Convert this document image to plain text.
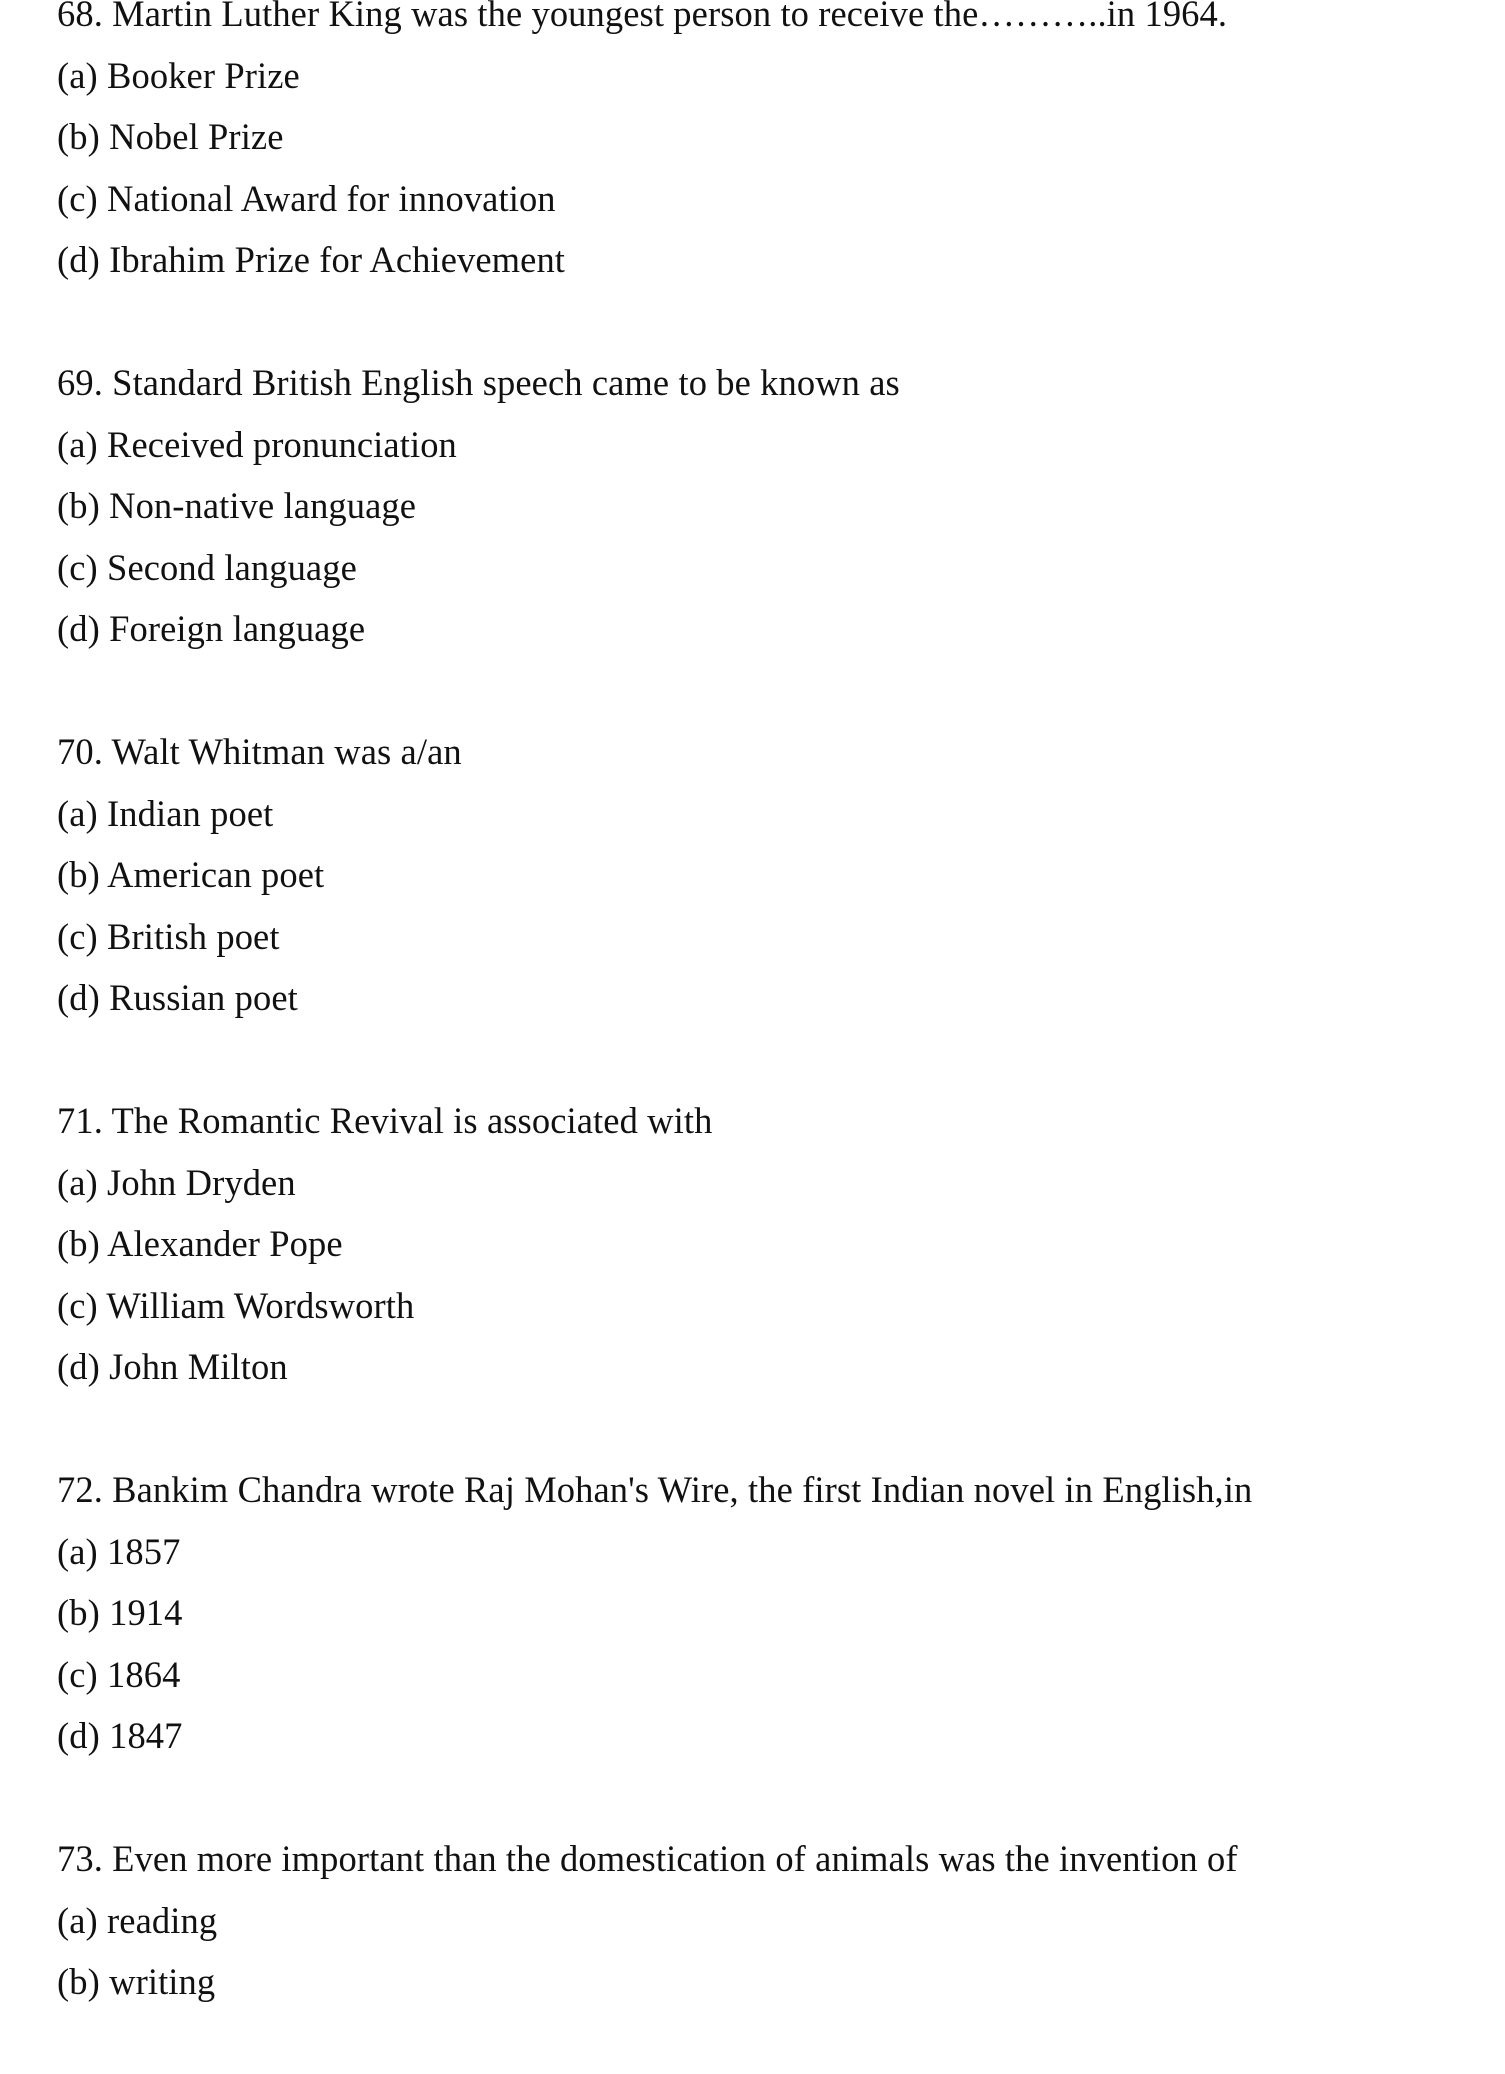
68. Martin Luther King was the youngest person to receive the………..in 1964.
(a) Booker Prize
(b) Nobel Prize
(c) National Award for innovation
(d) Ibrahim Prize for Achievement
69. Standard British English speech came to be known as
(a) Received pronunciation
(b) Non-native language
(c) Second language
(d) Foreign language
70. Walt Whitman was a/an
(a) Indian poet
(b) American poet
(c) British poet
(d) Russian poet
71. The Romantic Revival is associated with
(a) John Dryden
(b) Alexander Pope
(c) William Wordsworth
(d) John Milton
72. Bankim Chandra wrote Raj Mohan's Wire, the first Indian novel in English,in
(a) 1857
(b) 1914
(c) 1864
(d) 1847
73. Even more important than the domestication of animals was the invention of
(a) reading
(b) writing
